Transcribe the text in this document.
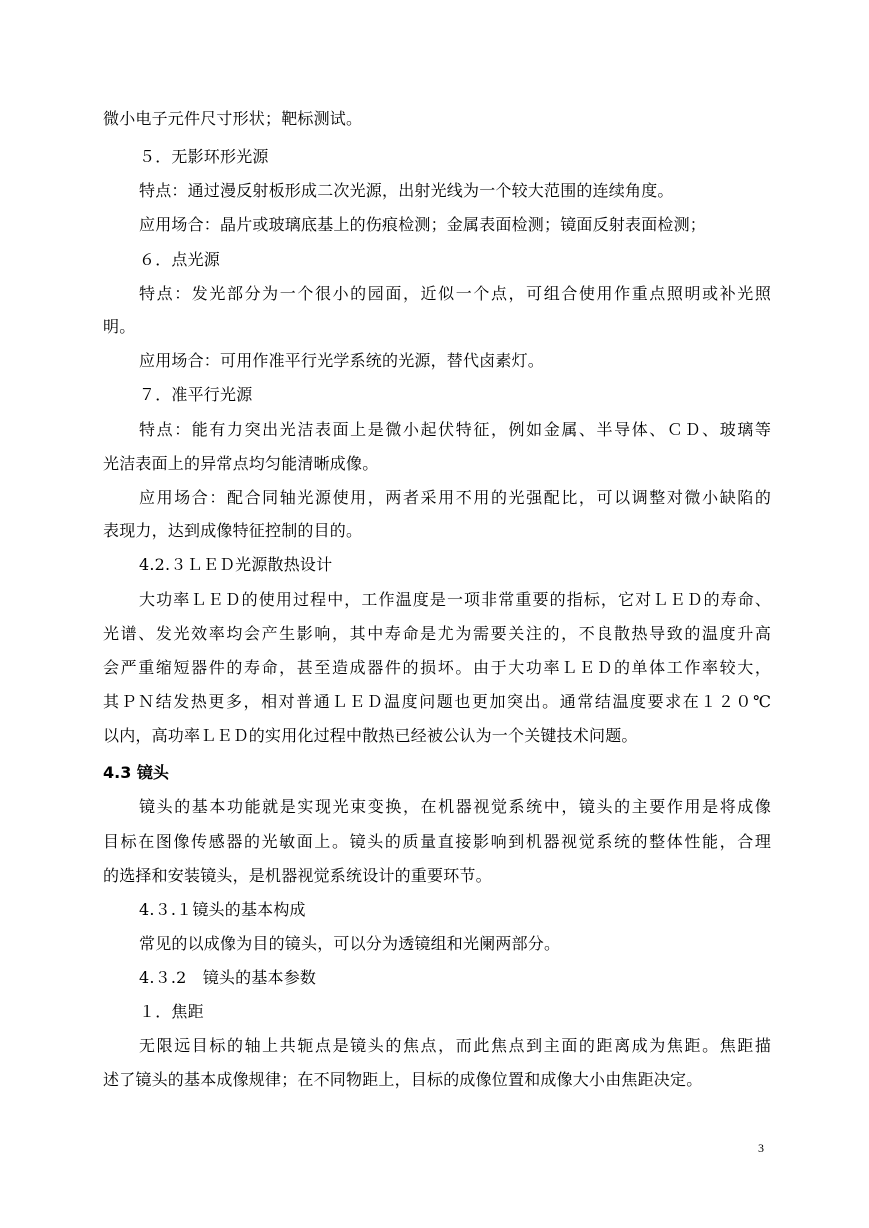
微小电子元件尺寸形状；靶标测试。
５．无影环形光源
特点：通过漫反射板形成二次光源，出射光线为一个较大范围的连续角度。
应用场合：晶片或玻璃底基上的伤痕检测；金属表面检测；镜面反射表面检测；
６．点光源
特点：发光部分为一个很小的园面，近似一个点，可组合使用作重点照明或补光照
明。
应用场合：可用作准平行光学系统的光源，替代卤素灯。
７．准平行光源
特点：能有力突出光洁表面上是微小起伏特征，例如金属、半导体、ＣＤ、玻璃等
光洁表面上的异常点均匀能清晰成像。
应用场合：配合同轴光源使用，两者采用不用的光强配比，可以调整对微小缺陷的
表现力，达到成像特征控制的目的。
4.2.３ＬＥＤ光源散热设计
大功率ＬＥＤ的使用过程中，工作温度是一项非常重要的指标，它对ＬＥＤ的寿命、
光谱、发光效率均会产生影响，其中寿命是尤为需要关注的，不良散热导致的温度升高
会严重缩短器件的寿命，甚至造成器件的损坏。由于大功率ＬＥＤ的单体工作率较大，
其ＰＮ结发热更多，相对普通ＬＥＤ温度问题也更加突出。通常结温度要求在１２０℃
以内，高功率ＬＥＤ的实用化过程中散热已经被公认为一个关键技术问题。
4.3 镜头
镜头的基本功能就是实现光束变换，在机器视觉系统中，镜头的主要作用是将成像
目标在图像传感器的光敏面上。镜头的质量直接影响到机器视觉系统的整体性能，合理
的选择和安装镜头，是机器视觉系统设计的重要环节。
4.３.１镜头的基本构成
常见的以成像为目的镜头，可以分为透镜组和光阑两部分。
4.３.2　镜头的基本参数
１．焦距
无限远目标的轴上共轭点是镜头的焦点，而此焦点到主面的距离成为焦距。焦距描
述了镜头的基本成像规律；在不同物距上，目标的成像位置和成像大小由焦距决定。
3
